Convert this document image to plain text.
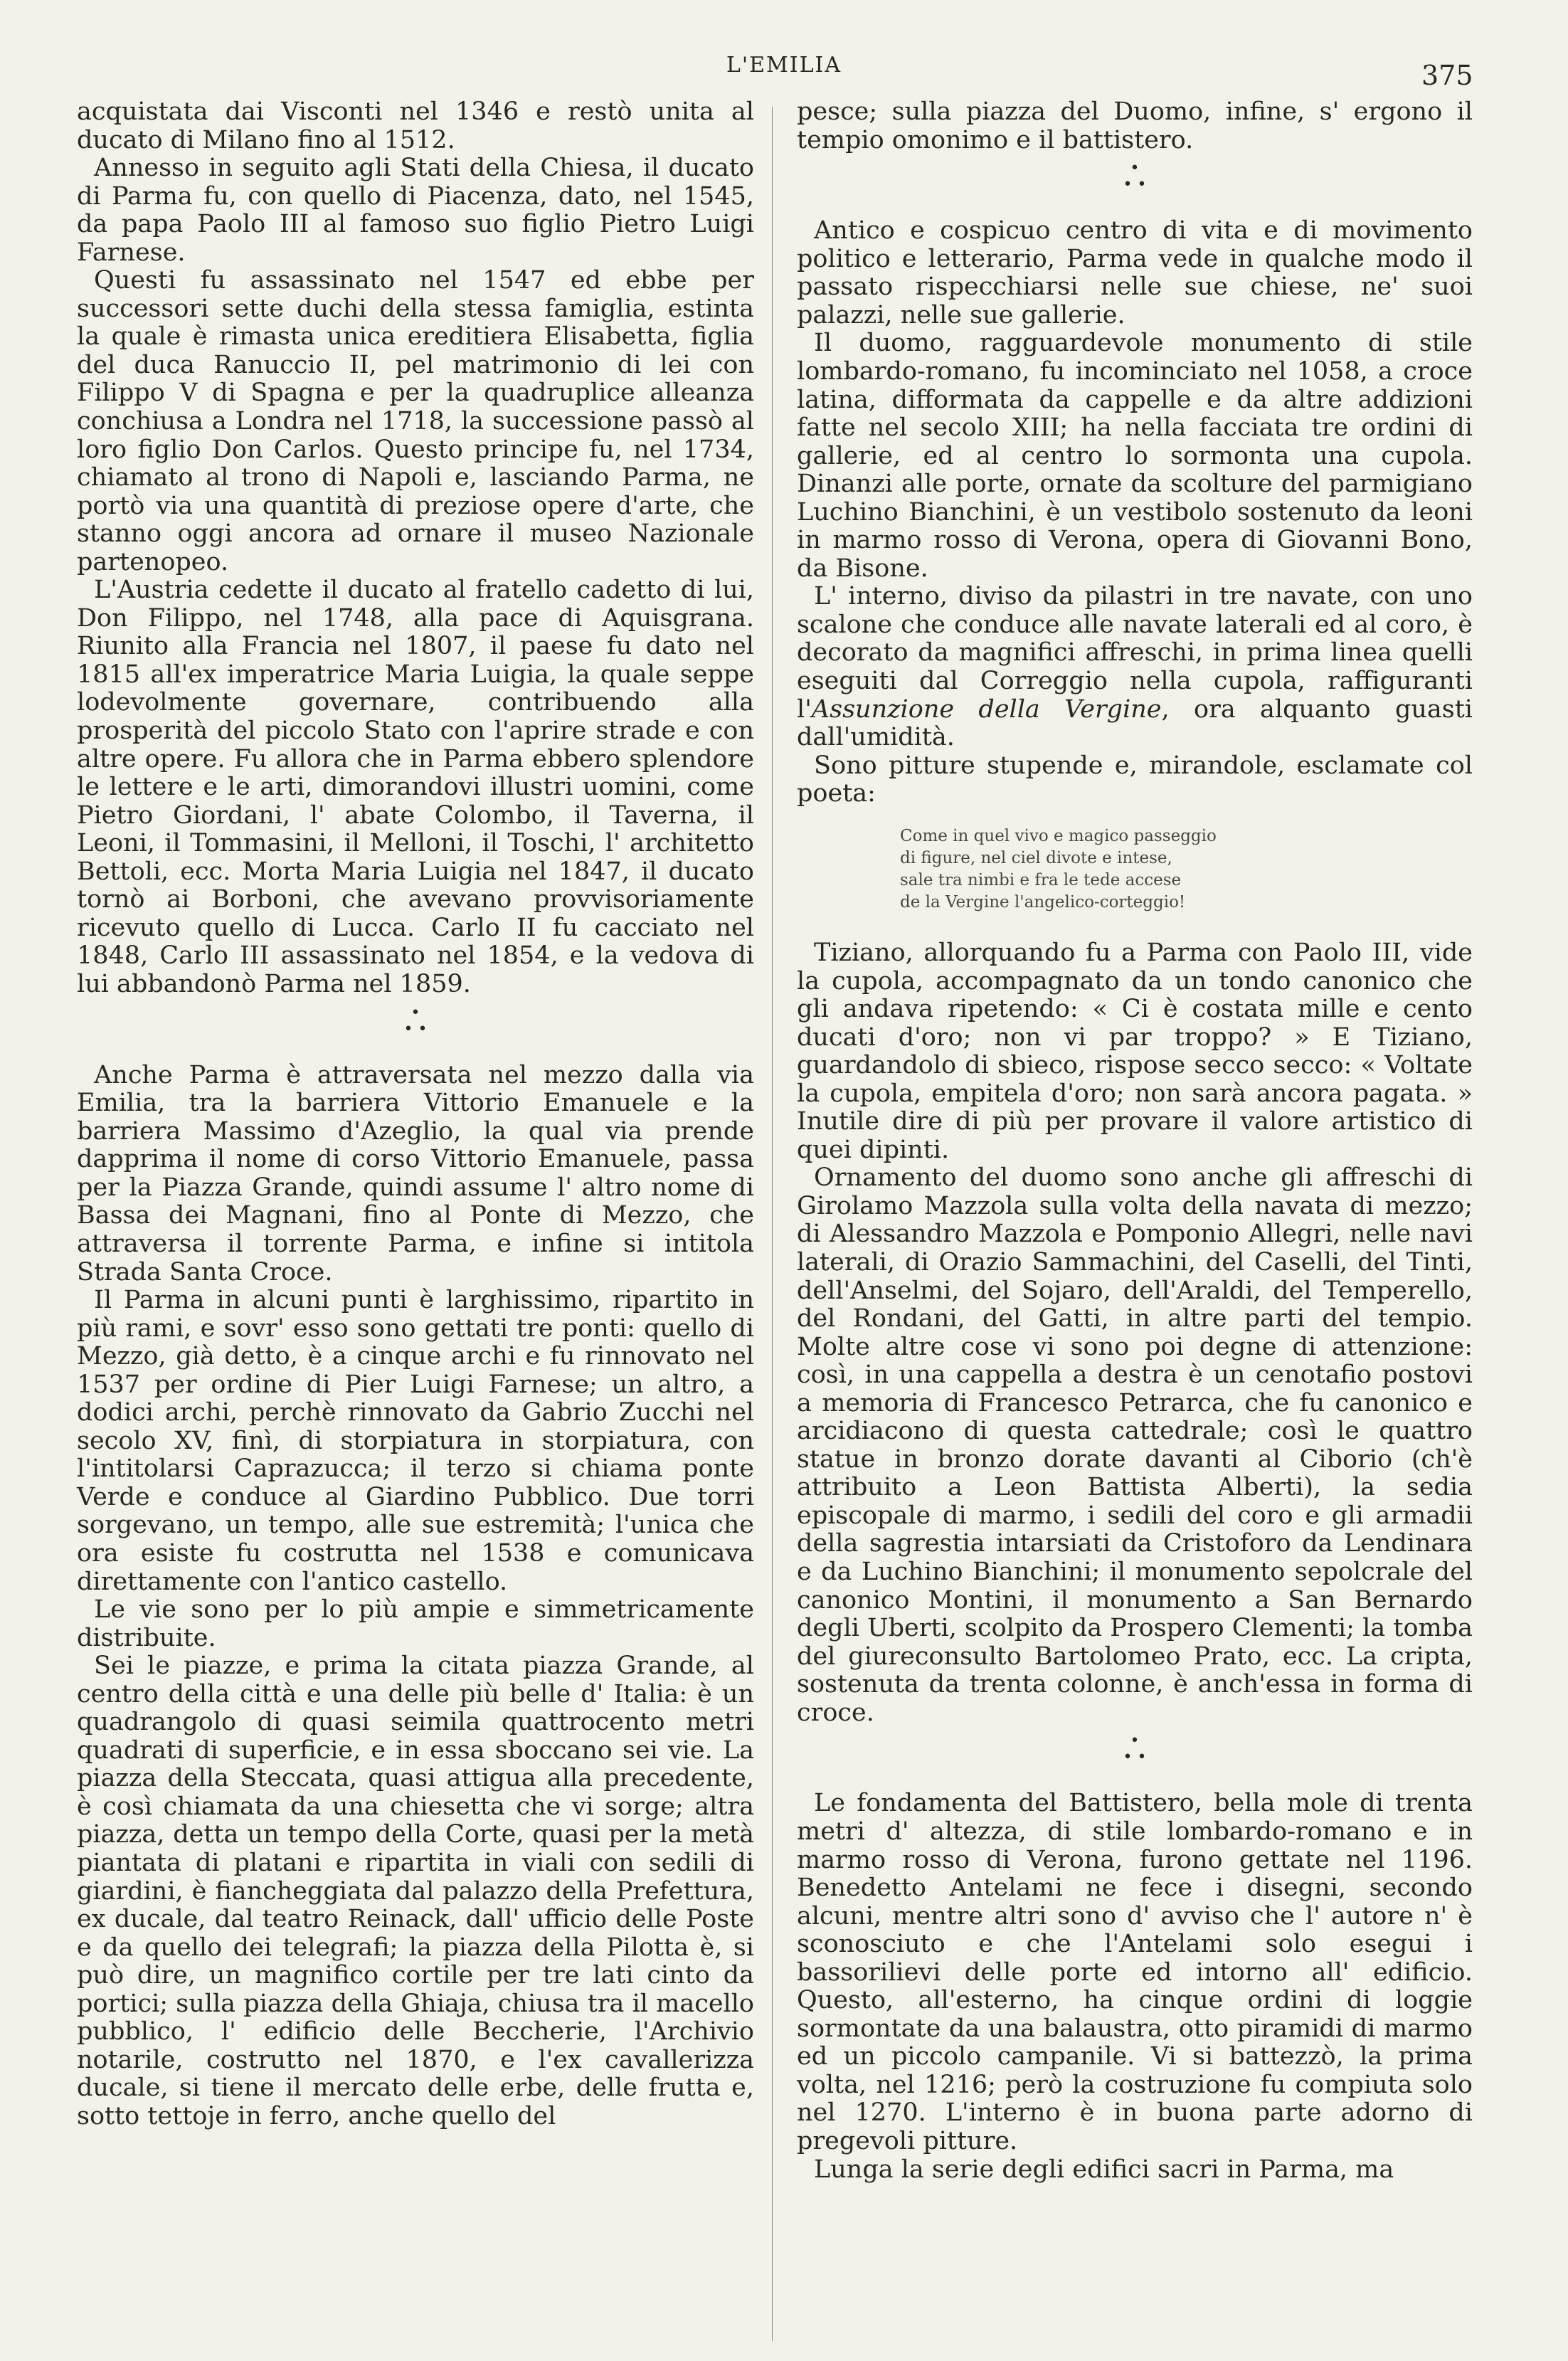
L'EMILIA	375

acquistata dai Visconti nel 1346 e restò unita al ducato di Milano fino al 1512.

Annesso in seguito agli Stati della Chiesa, il ducato di Parma fu, con quello di Piacenza, dato, nel 1545, da papa Paolo III al famoso suo figlio Pietro Luigi Farnese.

Questi fu assassinato nel 1547 ed ebbe per successori sette duchi della stessa famiglia, estinta la quale è rimasta unica ereditiera Elisabetta, figlia del duca Ranuccio II, pel matrimonio di lei con Filippo V di Spagna e per la quadruplice alleanza conchiusa a Londra nel 1718, la successione passò al loro figlio Don Carlos. Questo principe fu, nel 1734, chiamato al trono di Napoli e, lasciando Parma, ne portò via una quantità di preziose opere d'arte, che stanno oggi ancora ad ornare il museo Nazionale partenopeo.

L'Austria cedette il ducato al fratello cadetto di lui, Don Filippo, nel 1748, alla pace di Aquisgrana. Riunito alla Francia nel 1807, il paese fu dato nel 1815 all'ex imperatrice Maria Luigia, la quale seppe lodevolmente governare, contribuendo alla prosperità del piccolo Stato con l'aprire strade e con altre opere. Fu allora che in Parma ebbero splendore le lettere e le arti, dimorandovi illustri uomini, come Pietro Giordani, l' abate Colombo, il Taverna, il Leoni, il Tommasini, il Melloni, il Toschi, l' architetto Bettoli, ecc. Morta Maria Luigia nel 1847, il ducato tornò ai Borboni, che avevano provvisoriamente ricevuto quello di Lucca. Carlo II fu cacciato nel 1848, Carlo III assassinato nel 1854, e la vedova di lui abbandonò Parma nel 1859.

•
• •

Anche Parma è attraversata nel mezzo dalla via Emilia, tra la barriera Vittorio Emanuele e la barriera Massimo d'Azeglio, la qual via prende dapprima il nome di corso Vittorio Emanuele, passa per la Piazza Grande, quindi assume l' altro nome di Bassa dei Magnani, fino al Ponte di Mezzo, che attraversa il torrente Parma, e infine si intitola Strada Santa Croce.

Il Parma in alcuni punti è larghissimo, ripartito in più rami, e sovr' esso sono gettati tre ponti: quello di Mezzo, già detto, è a cinque archi e fu rinnovato nel 1537 per ordine di Pier Luigi Farnese; un altro, a dodici archi, perchè rinnovato da Gabrio Zucchi nel secolo XV, finì, di storpiatura in storpiatura, con l'intitolarsi Caprazucca; il terzo si chiama ponte Verde e conduce al Giardino Pubblico. Due torri sorgevano, un tempo, alle sue estremità; l'unica che ora esiste fu costrutta nel 1538 e comunicava direttamente con l'antico castello.

Le vie sono per lo più ampie e simmetricamente distribuite.

Sei le piazze, e prima la citata piazza Grande, al centro della città e una delle più belle d' Italia: è un quadrangolo di quasi seimila quattrocento metri quadrati di superficie, e in essa sboccano sei vie. La piazza della Steccata, quasi attigua alla precedente, è così chiamata da una chiesetta che vi sorge; altra piazza, detta un tempo della Corte, quasi per la metà piantata di platani e ripartita in viali con sedili di giardini, è fiancheggiata dal palazzo della Prefettura, ex ducale, dal teatro Reinack, dall' ufficio delle Poste e da quello dei telegrafi; la piazza della Pilotta è, si può dire, un magnifico cortile per tre lati cinto da portici; sulla piazza della Ghiaja, chiusa tra il macello pubblico, l' edificio delle Beccherie, l'Archivio notarile, costrutto nel 1870, e l'ex cavallerizza ducale, si tiene il mercato delle erbe, delle frutta e, sotto tettoje in ferro, anche quello del

pesce; sulla piazza del Duomo, infine, s' ergono il tempio omonimo e il battistero.

•
• •

Antico e cospicuo centro di vita e di movimento politico e letterario, Parma vede in qualche modo il passato rispecchiarsi nelle sue chiese, ne' suoi palazzi, nelle sue gallerie.

Il duomo, ragguardevole monumento di stile lombardo-romano, fu incominciato nel 1058, a croce latina, difformata da cappelle e da altre addizioni fatte nel secolo XIII; ha nella facciata tre ordini di gallerie, ed al centro lo sormonta una cupola. Dinanzi alle porte, ornate da scolture del parmigiano Luchino Bianchini, è un vestibolo sostenuto da leoni in marmo rosso di Verona, opera di Giovanni Bono, da Bisone.

L' interno, diviso da pilastri in tre navate, con uno scalone che conduce alle navate laterali ed al coro, è decorato da magnifici affreschi, in prima linea quelli eseguiti dal Correggio nella cupola, raffiguranti l'Assunzione della Vergine, ora alquanto guasti dall'umidità.

Sono pitture stupende e, mirandole, esclamate col poeta:

Come in quel vivo e magico passeggio
di figure, nel ciel divote e intese,
sale tra nimbi e fra le tede accese
de la Vergine l'angelico-corteggio!

Tiziano, allorquando fu a Parma con Paolo III, vide la cupola, accompagnato da un tondo canonico che gli andava ripetendo: « Ci è costata mille e cento ducati d'oro; non vi par troppo? » E Tiziano, guardandolo di sbieco, rispose secco secco: « Voltate la cupola, empitela d'oro; non sarà ancora pagata. » Inutile dire di più per provare il valore artistico di quei dipinti.

Ornamento del duomo sono anche gli affreschi di Girolamo Mazzola sulla volta della navata di mezzo; di Alessandro Mazzola e Pomponio Allegri, nelle navi laterali, di Orazio Sammachini, del Caselli, del Tinti, dell'Anselmi, del Sojaro, dell'Araldi, del Temperello, del Rondani, del Gatti, in altre parti del tempio. Molte altre cose vi sono poi degne di attenzione: così, in una cappella a destra è un cenotafio postovi a memoria di Francesco Petrarca, che fu canonico e arcidiacono di questa cattedrale; così le quattro statue in bronzo dorate davanti al Ciborio (ch'è attribuito a Leon Battista Alberti), la sedia episcopale di marmo, i sedili del coro e gli armadii della sagrestia intarsiati da Cristoforo da Lendinara e da Luchino Bianchini; il monumento sepolcrale del canonico Montini, il monumento a San Bernardo degli Uberti, scolpito da Prospero Clementi; la tomba del giureconsulto Bartolomeo Prato, ecc. La cripta, sostenuta da trenta colonne, è anch'essa in forma di croce.

•
• •

Le fondamenta del Battistero, bella mole di trenta metri d' altezza, di stile lombardo-romano e in marmo rosso di Verona, furono gettate nel 1196. Benedetto Antelami ne fece i disegni, secondo alcuni, mentre altri sono d' avviso che l' autore n' è sconosciuto e che l'Antelami solo esegui i bassorilievi delle porte ed intorno all' edificio. Questo, all'esterno, ha cinque ordini di loggie sormontate da una balaustra, otto piramidi di marmo ed un piccolo campanile. Vi si battezzò, la prima volta, nel 1216; però la costruzione fu compiuta solo nel 1270. L'interno è in buona parte adorno di pregevoli pitture.

Lunga la serie degli edifici sacri in Parma, ma
